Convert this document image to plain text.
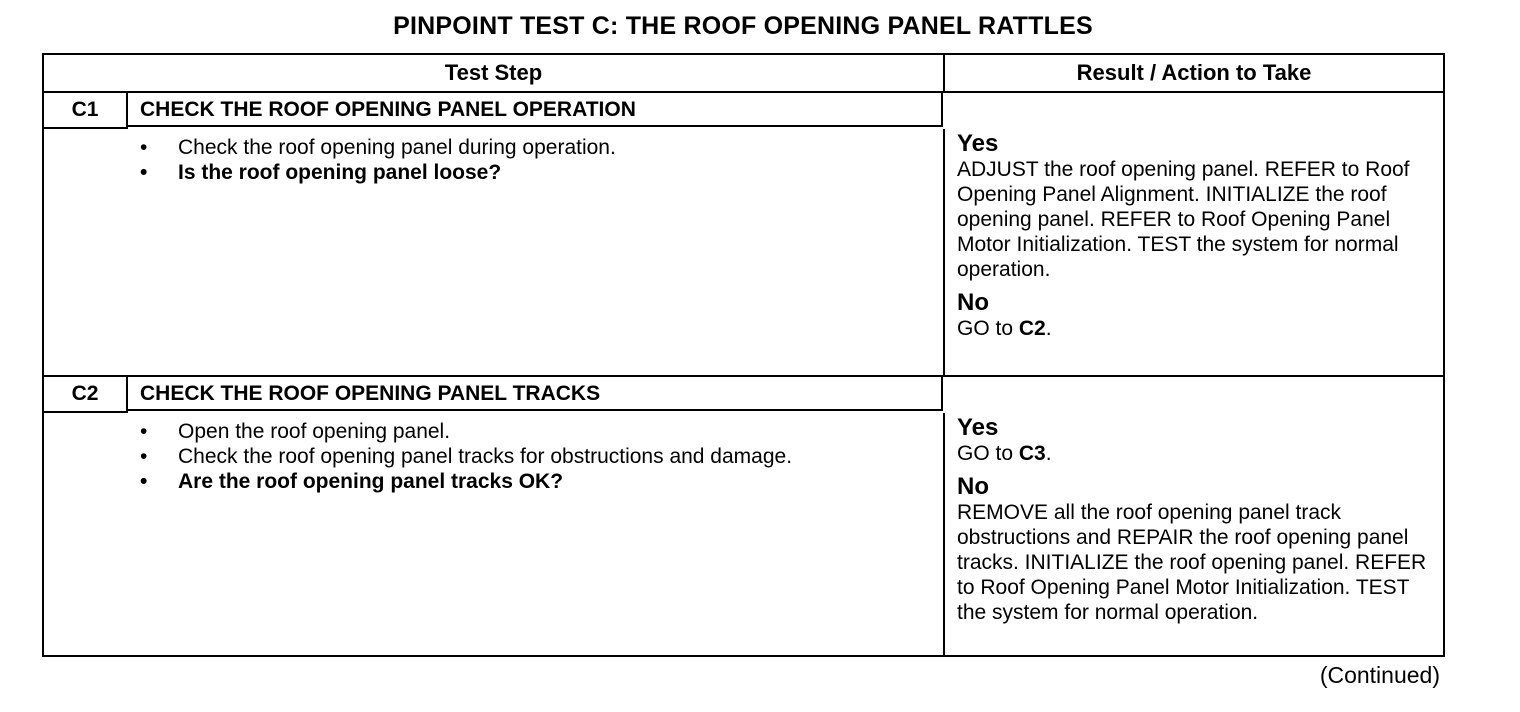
PINPOINT TEST C: THE ROOF OPENING PANEL RATTLES
Test Step	Result / Action to Take
C1	CHECK THE ROOF OPENING PANEL OPERATION
•	Check the roof opening panel during operation.
•	Is the roof opening panel loose?
Yes
ADJUST the roof opening panel. REFER to Roof Opening Panel Alignment. INITIALIZE the roof opening panel. REFER to Roof Opening Panel Motor Initialization. TEST the system for normal operation.
No
GO to C2.
C2	CHECK THE ROOF OPENING PANEL TRACKS
•	Open the roof opening panel.
•	Check the roof opening panel tracks for obstructions and damage.
•	Are the roof opening panel tracks OK?
Yes
GO to C3.
No
REMOVE all the roof opening panel track obstructions and REPAIR the roof opening panel tracks. INITIALIZE the roof opening panel. REFER to Roof Opening Panel Motor Initialization. TEST the system for normal operation.
(Continued)
